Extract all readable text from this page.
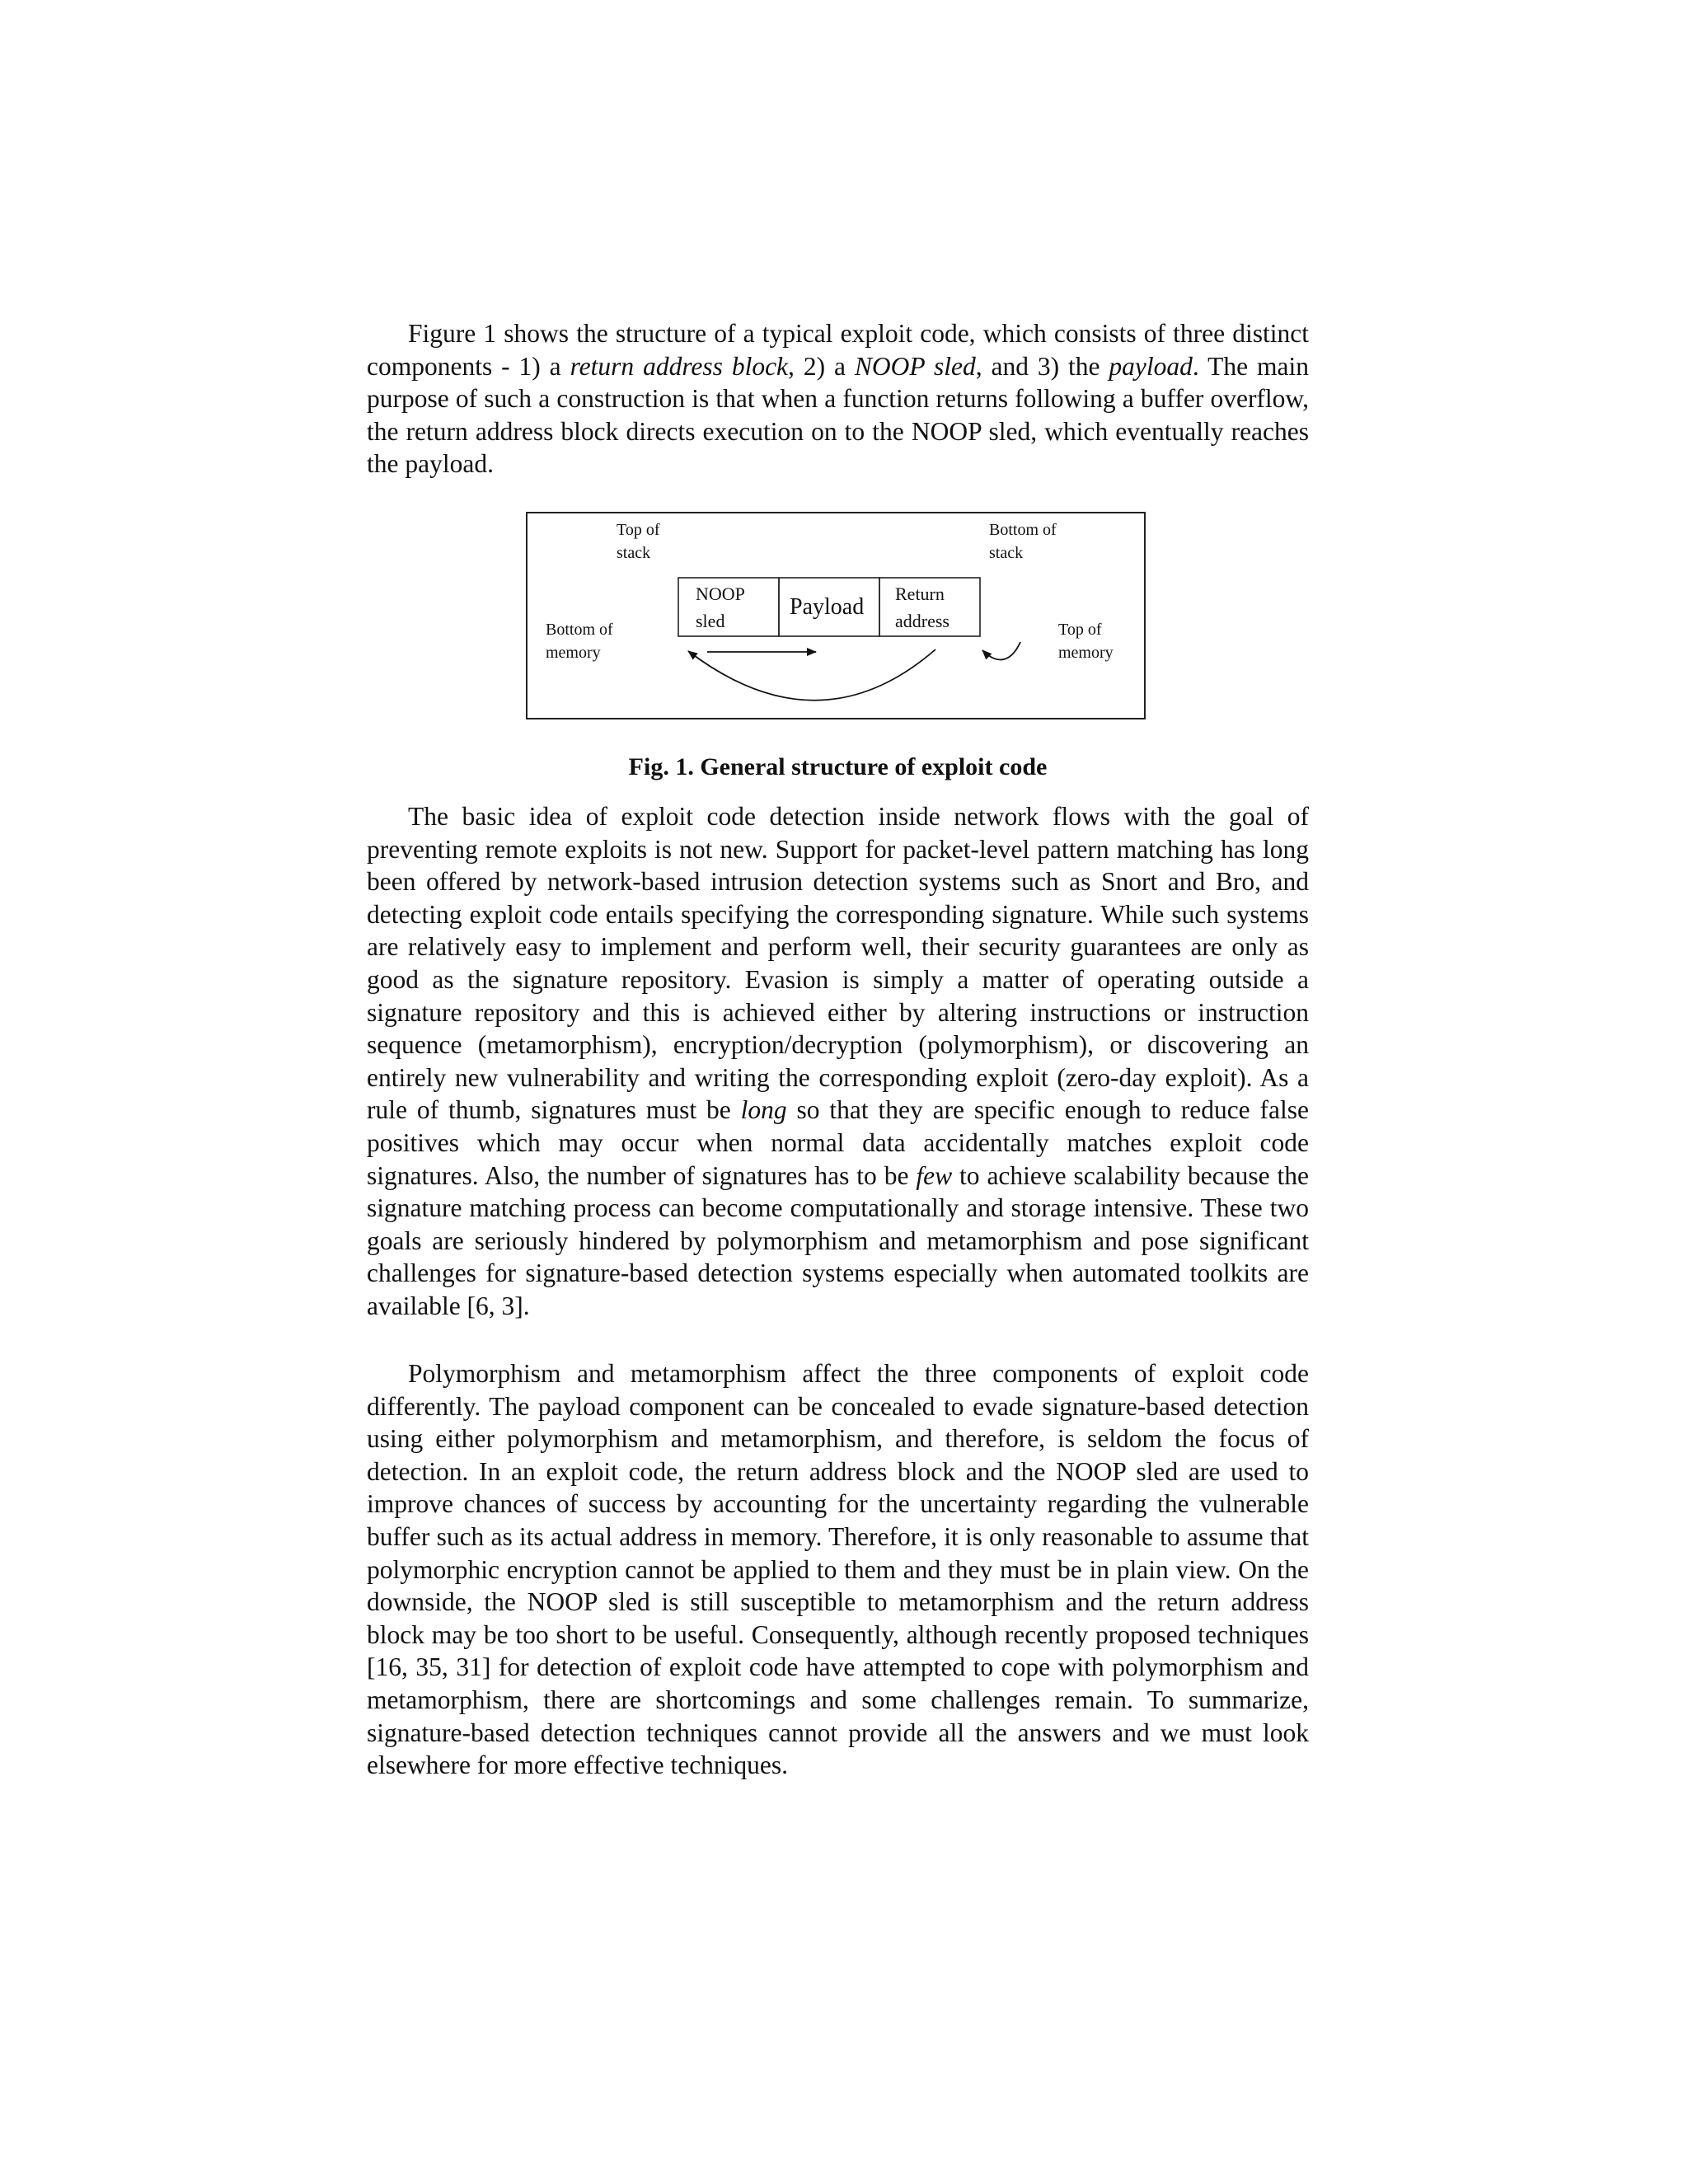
Figure 1 shows the structure of a typical exploit code, which consists of three distinct components - 1) a return address block, 2) a NOOP sled, and 3) the payload. The main purpose of such a construction is that when a function returns following a buffer overflow, the return address block directs execution on to the NOOP sled, which eventually reaches the payload.

Top of
stack
Bottom of
stack
Bottom of
memory
Top of
memory
NOOP
sled
Payload
Return
address
Fig. 1. General structure of exploit code

The basic idea of exploit code detection inside network flows with the goal of preventing remote exploits is not new. Support for packet-level pattern matching has long been offered by network-based intrusion detection systems such as Snort and Bro, and detecting exploit code entails specifying the corresponding signature. While such systems are relatively easy to implement and perform well, their security guarantees are only as good as the signature repository. Evasion is simply a matter of operating outside a signature repository and this is achieved either by altering instructions or instruction sequence (metamorphism), encryption/decryption (polymorphism), or discovering an entirely new vulnerability and writing the corresponding exploit (zero-day exploit). As a rule of thumb, signatures must be long so that they are specific enough to reduce false positives which may occur when normal data accidentally matches exploit code signatures. Also, the number of signatures has to be few to achieve scalability because the signature matching process can become computationally and storage intensive. These two goals are seriously hindered by polymorphism and metamorphism and pose significant challenges for signature-based detection systems especially when automated toolkits are available [6, 3].

Polymorphism and metamorphism affect the three components of exploit code differently. The payload component can be concealed to evade signature-based detection using either polymorphism and metamorphism, and therefore, is seldom the focus of detection. In an exploit code, the return address block and the NOOP sled are used to improve chances of success by accounting for the uncertainty regarding the vulnerable buffer such as its actual address in memory. Therefore, it is only reasonable to assume that polymorphic encryption cannot be applied to them and they must be in plain view. On the downside, the NOOP sled is still susceptible to metamorphism and the return address block may be too short to be useful. Consequently, although recently proposed techniques [16, 35, 31] for detection of exploit code have attempted to cope with polymorphism and metamorphism, there are shortcomings and some challenges remain. To summarize, signature-based detection techniques cannot provide all the answers and we must look elsewhere for more effective techniques.
